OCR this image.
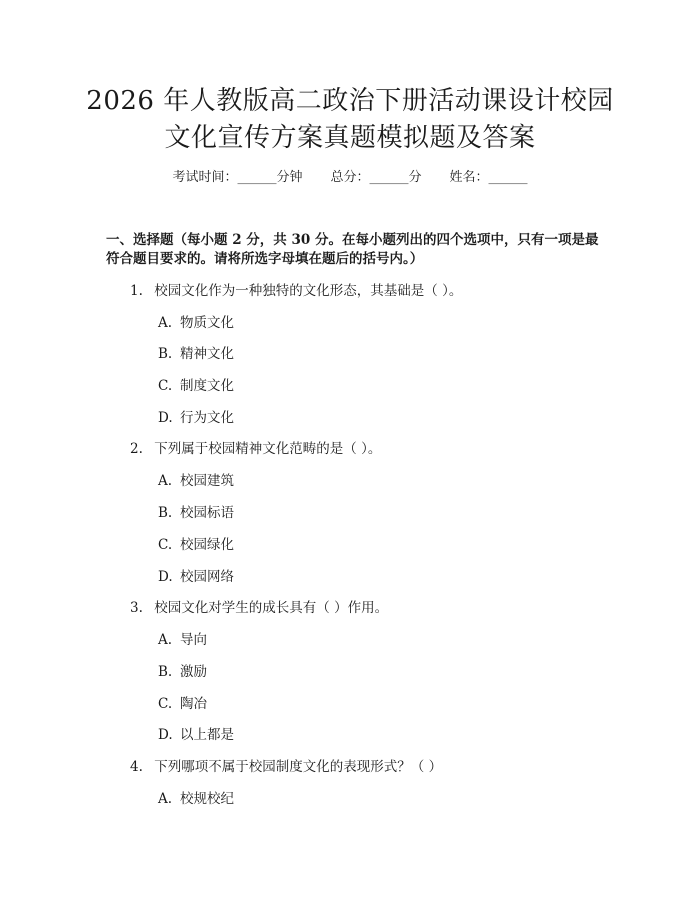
2026 年人教版高二政治下册活动课设计校园
文化宣传方案真题模拟题及答案
考试时间：______分钟 总分：______分 姓名：______
一、选择题（每小题 2 分，共 30 分。在每小题列出的四个选项中，只有一项是最
符合题目要求的。请将所选字母填在题后的括号内。）
1. 校园文化作为一种独特的文化形态，其基础是（ ）。
A. 物质文化
B. 精神文化
C. 制度文化
D. 行为文化
2. 下列属于校园精神文化范畴的是（ ）。
A. 校园建筑
B. 校园标语
C. 校园绿化
D. 校园网络
3. 校园文化对学生的成长具有（ ）作用。
A. 导向
B. 激励
C. 陶冶
D. 以上都是
4. 下列哪项不属于校园制度文化的表现形式？（ ）
A. 校规校纪
